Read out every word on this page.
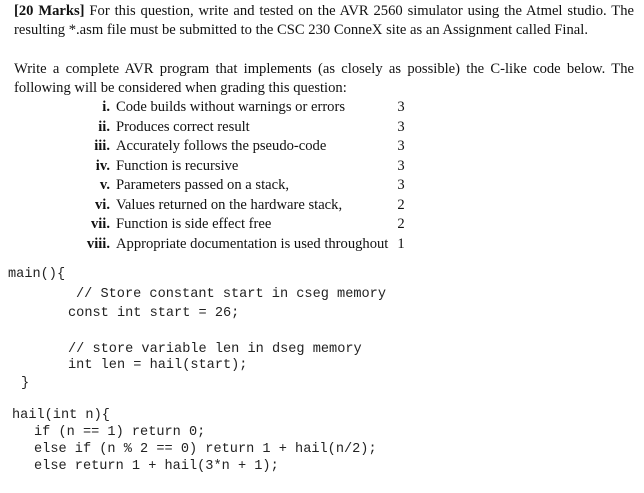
[20 Marks] For this question, write and tested on the AVR 2560 simulator using the Atmel studio. The resulting *.asm file must be submitted to the CSC 230 ConneX site as an Assignment called Final.
Write a complete AVR program that implements (as closely as possible) the C-like code below. The following will be considered when grading this question:
i. Code builds without warnings or errors	3
ii. Produces correct result	3
iii. Accurately follows the pseudo-code	3
iv. Function is recursive	3
v. Parameters passed on a stack,	3
vi. Values returned on the hardware stack,	2
vii. Function is side effect free	2
viii. Appropriate documentation is used throughout 1
main(){
// Store constant start in cseg memory
const int start = 26;
// store variable len in dseg memory
int len = hail(start);
}
hail(int n){
if (n == 1) return 0;
else if (n % 2 == 0) return 1 + hail(n/2);
else return 1 + hail(3*n + 1);
